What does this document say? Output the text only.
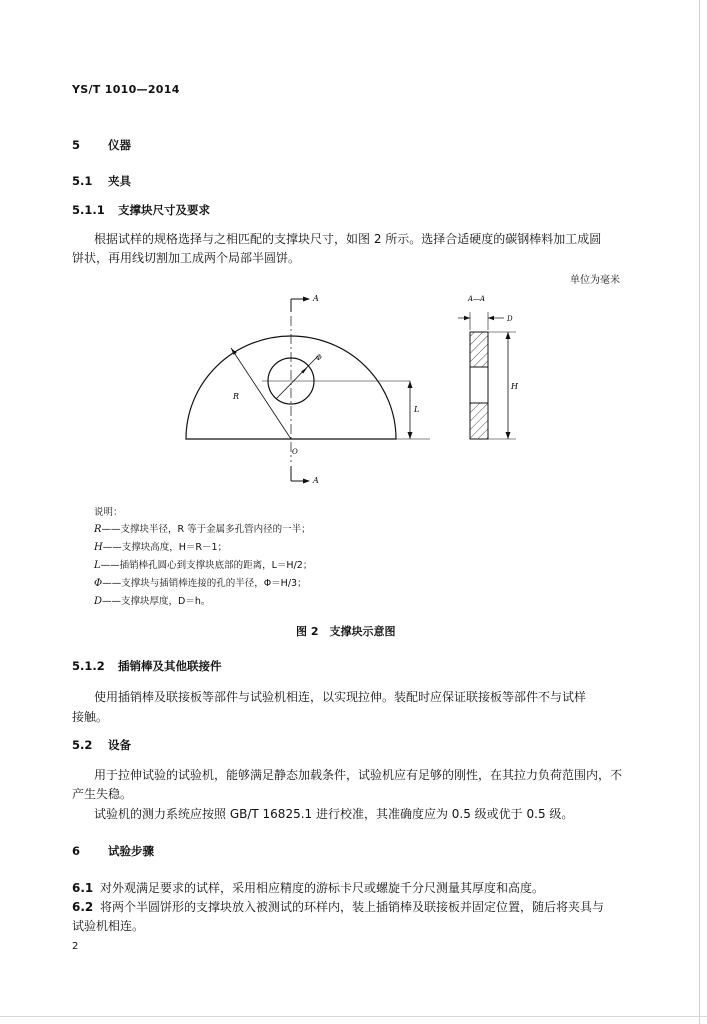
YS/T 1010—2014
5 仪器
5.1 夹具
5.1.1 支撑块尺寸及要求
根据试样的规格选择与之相匹配的支撑块尺寸，如图 2 所示。选择合适硬度的碳钢棒料加工成圆
饼状，再用线切割加工成两个局部半圆饼。
单位为毫米
A
R
Φ
L
O
A
A—A
D
H
说明：
R——支撑块半径，R 等于金属多孔管内径的一半；
H——支撑块高度，H＝R－1；
L——插销棒孔圆心到支撑块底部的距离，L＝H/2；
Φ——支撑块与插销棒连接的孔的半径，Φ＝H/3；
D——支撑块厚度，D＝h。
图 2　支撑块示意图
5.1.2 插销棒及其他联接件
使用插销棒及联接板等部件与试验机相连，以实现拉伸。装配时应保证联接板等部件不与试样
接触。
5.2 设备
用于拉伸试验的试验机，能够满足静态加载条件，试验机应有足够的刚性，在其拉力负荷范围内，不
产生失稳。
试验机的测力系统应按照 GB/T 16825.1 进行校准，其准确度应为 0.5 级或优于 0.5 级。
6 试验步骤
6.1 对外观满足要求的试样，采用相应精度的游标卡尺或螺旋千分尺测量其厚度和高度。
6.2 将两个半圆饼形的支撑块放入被测试的环样内，装上插销棒及联接板并固定位置，随后将夹具与
试验机相连。
2
